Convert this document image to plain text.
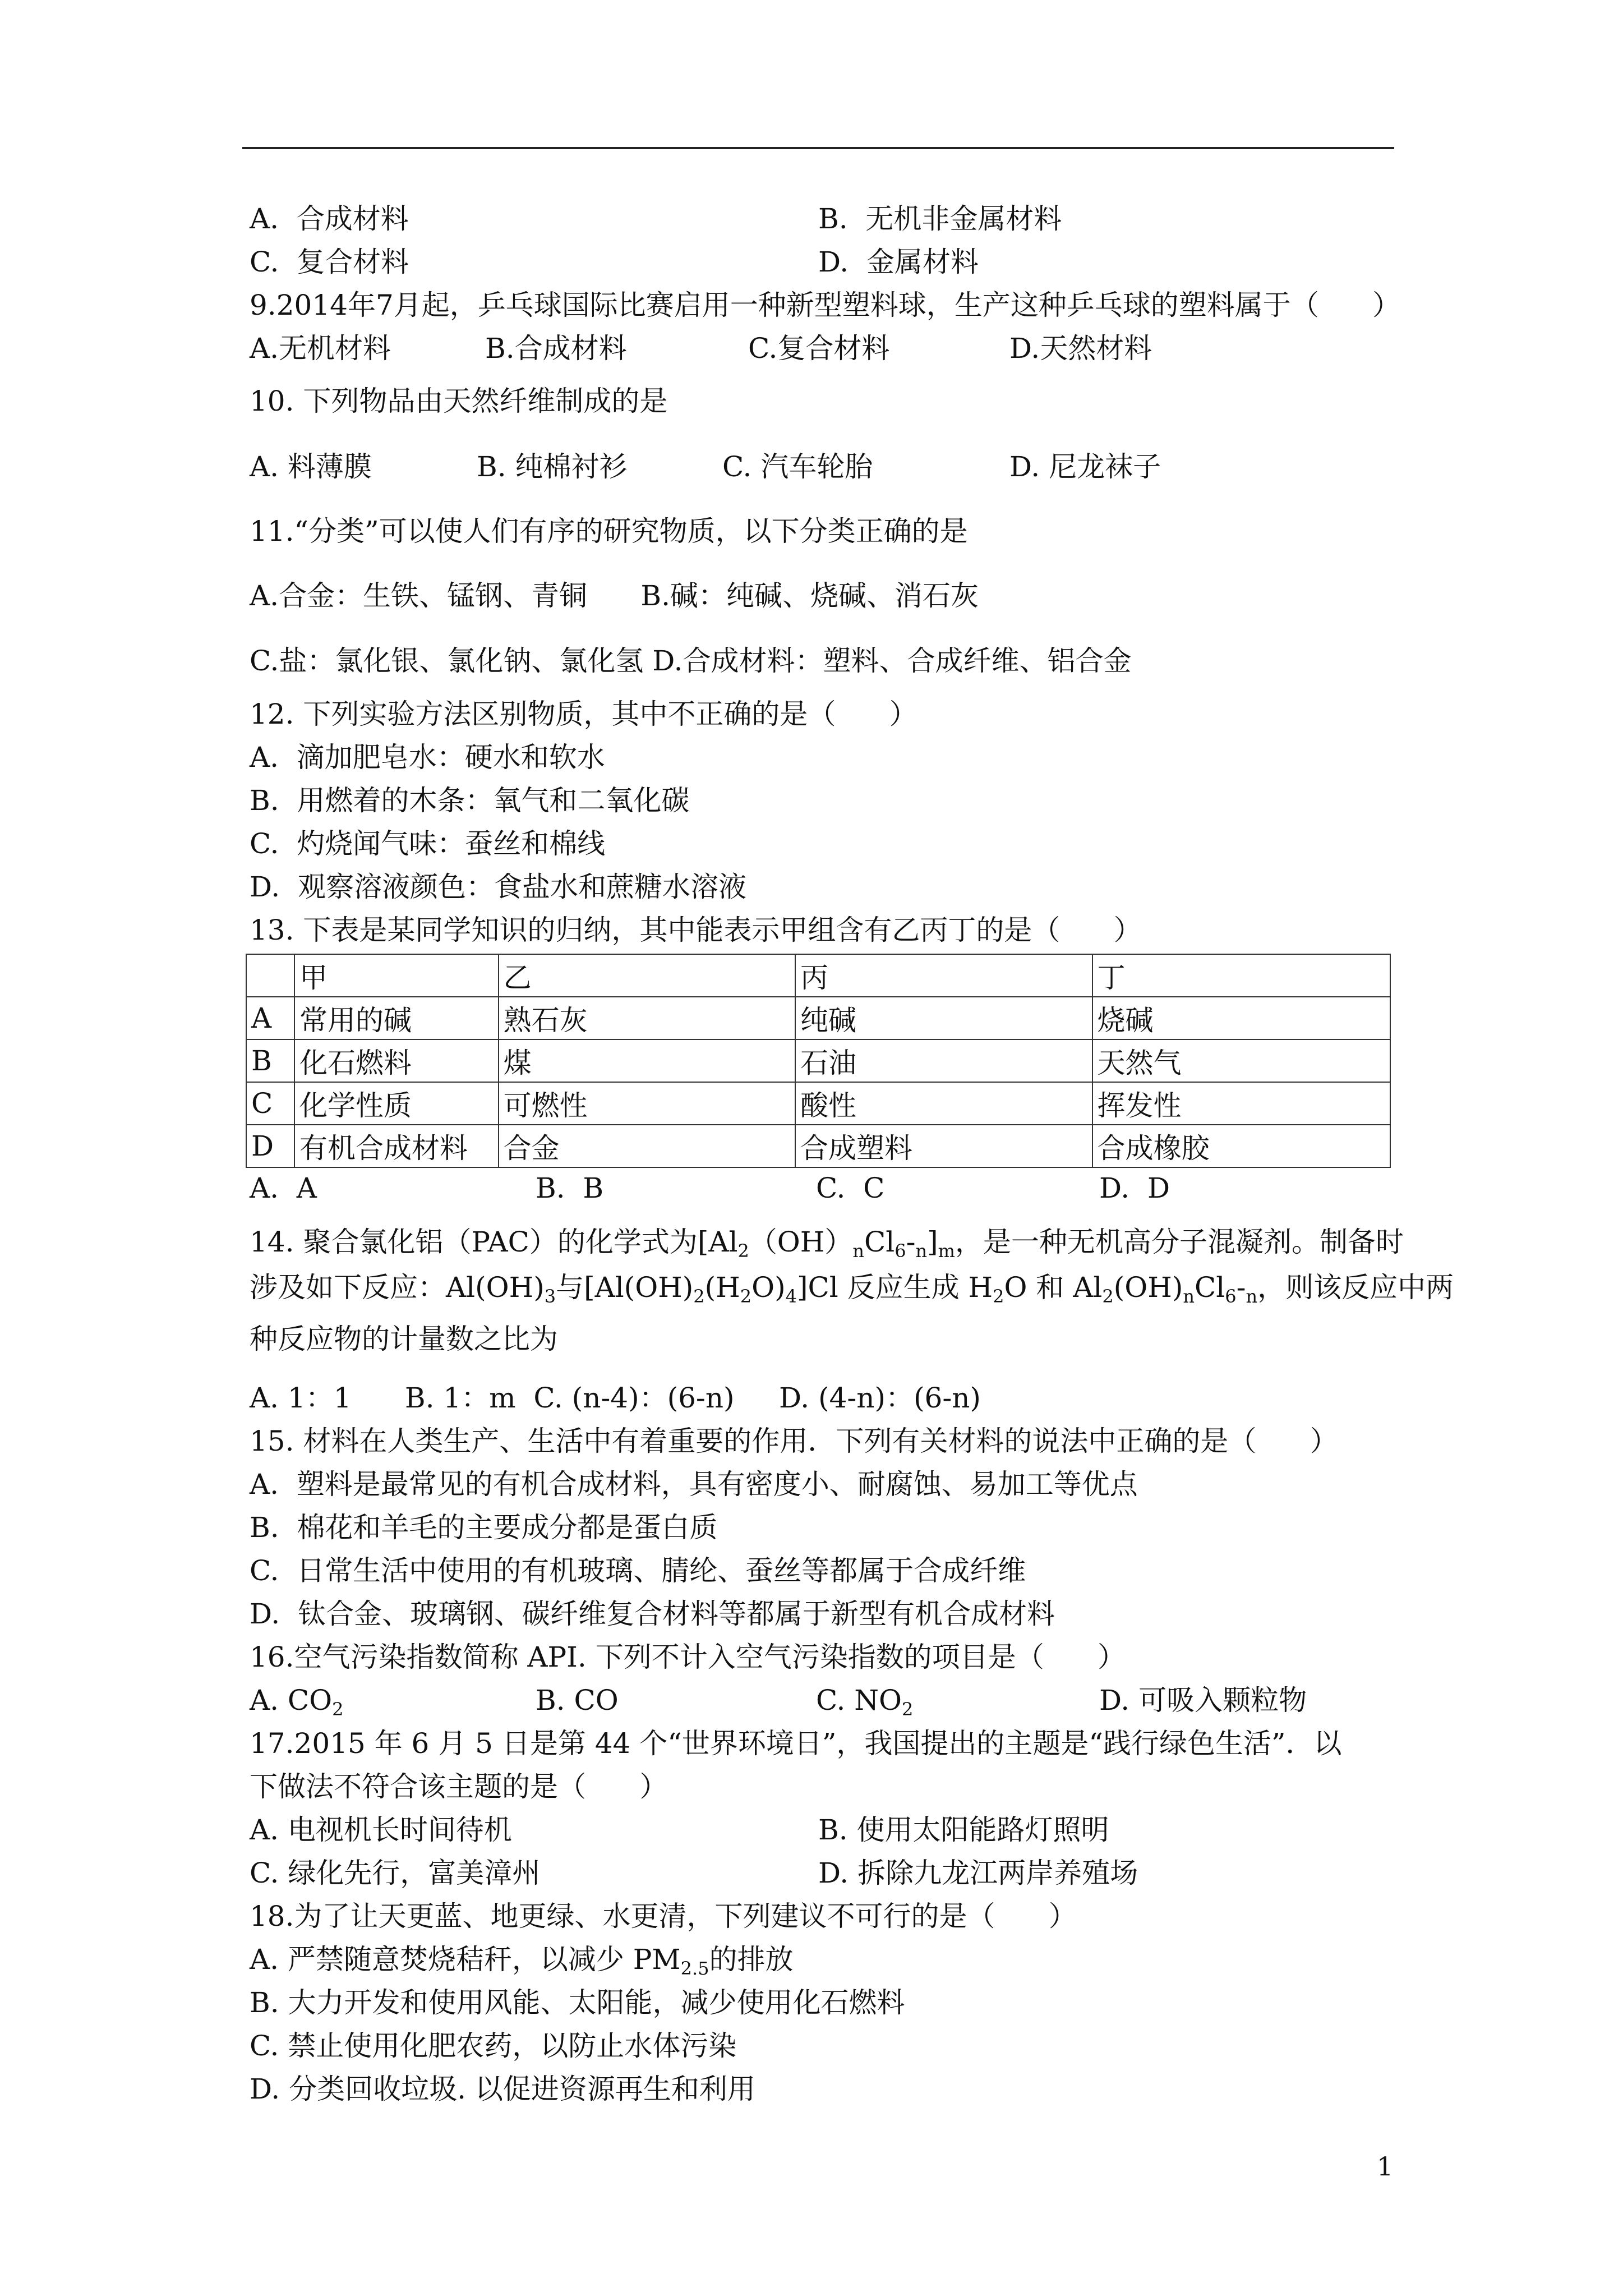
A.  合成材料	B.  无机非金属材料
C.  复合材料	D.  金属材料
9.2014年7月起，乒乓球国际比赛启用一种新型塑料球，生产这种乒乓球的塑料属于（      ）
A.无机材料	B.合成材料	C.复合材料	D.天然材料
10. 下列物品由天然纤维制成的是
A. 料薄膜	B. 纯棉衬衫	C. 汽车轮胎	D. 尼龙袜子
11.“分类”可以使人们有序的研究物质，以下分类正确的是
A.合金：生铁、锰钢、青铜      B.碱：纯碱、烧碱、消石灰
C.盐：氯化银、氯化钠、氯化氢 D.合成材料：塑料、合成纤维、铝合金
12. 下列实验方法区别物质，其中不正确的是（      ）
A.  滴加肥皂水：硬水和软水
B.  用燃着的木条：氧气和二氧化碳
C.  灼烧闻气味：蚕丝和棉线
D.  观察溶液颜色：食盐水和蔗糖水溶液
13. 下表是某同学知识的归纳，其中能表示甲组含有乙丙丁的是（      ）
	甲	乙	丙	丁
A	常用的碱	熟石灰	纯碱	烧碱
B	化石燃料	煤	石油	天然气
C	化学性质	可燃性	酸性	挥发性
D	有机合成材料	合金	合成塑料	合成橡胶
A.  A	B.  B	C.  C	D.  D
14. 聚合氯化铝（PAC）的化学式为$[Al_2(OH)_nCl_6-_n]_m$，是一种无机高分子混凝剂。制备时
涉及如下反应：$Al(OH)_3$与$[Al(OH)_2(H_2O)_4]Cl$ 反应生成 $H_2O$ 和 $Al_2(OH)_nCl_6-_n$，则该反应中两
种反应物的计量数之比为
A. 1：1      B. 1：m  C. (n-4)：(6-n)     D. (4-n)：(6-n)
15. 材料在人类生产、生活中有着重要的作用．下列有关材料的说法中正确的是（      ）
A.  塑料是最常见的有机合成材料，具有密度小、耐腐蚀、易加工等优点
B.  棉花和羊毛的主要成分都是蛋白质
C.  日常生活中使用的有机玻璃、腈纶、蚕丝等都属于合成纤维
D.  钛合金、玻璃钢、碳纤维复合材料等都属于新型有机合成材料
16.空气污染指数简称 API. 下列不计入空气污染指数的项目是（      ）
A. $CO_2$	B. CO	C. $NO_2$	D. 可吸入颗粒物
17.2015 年 6 月 5 日是第 44 个“世界环境日”，我国提出的主题是“践行绿色生活”．以
下做法不符合该主题的是（      ）
A. 电视机长时间待机	B. 使用太阳能路灯照明
C. 绿化先行，富美漳州	D. 拆除九龙江两岸养殖场
18.为了让天更蓝、地更绿、水更清，下列建议不可行的是（      ）
A. 严禁随意焚烧秸秆，以减少 $PM_{2.5}$的排放
B. 大力开发和使用风能、太阳能，减少使用化石燃料
C. 禁止使用化肥农药，以防止水体污染
D. 分类回收垃圾. 以促进资源再生和利用
1
